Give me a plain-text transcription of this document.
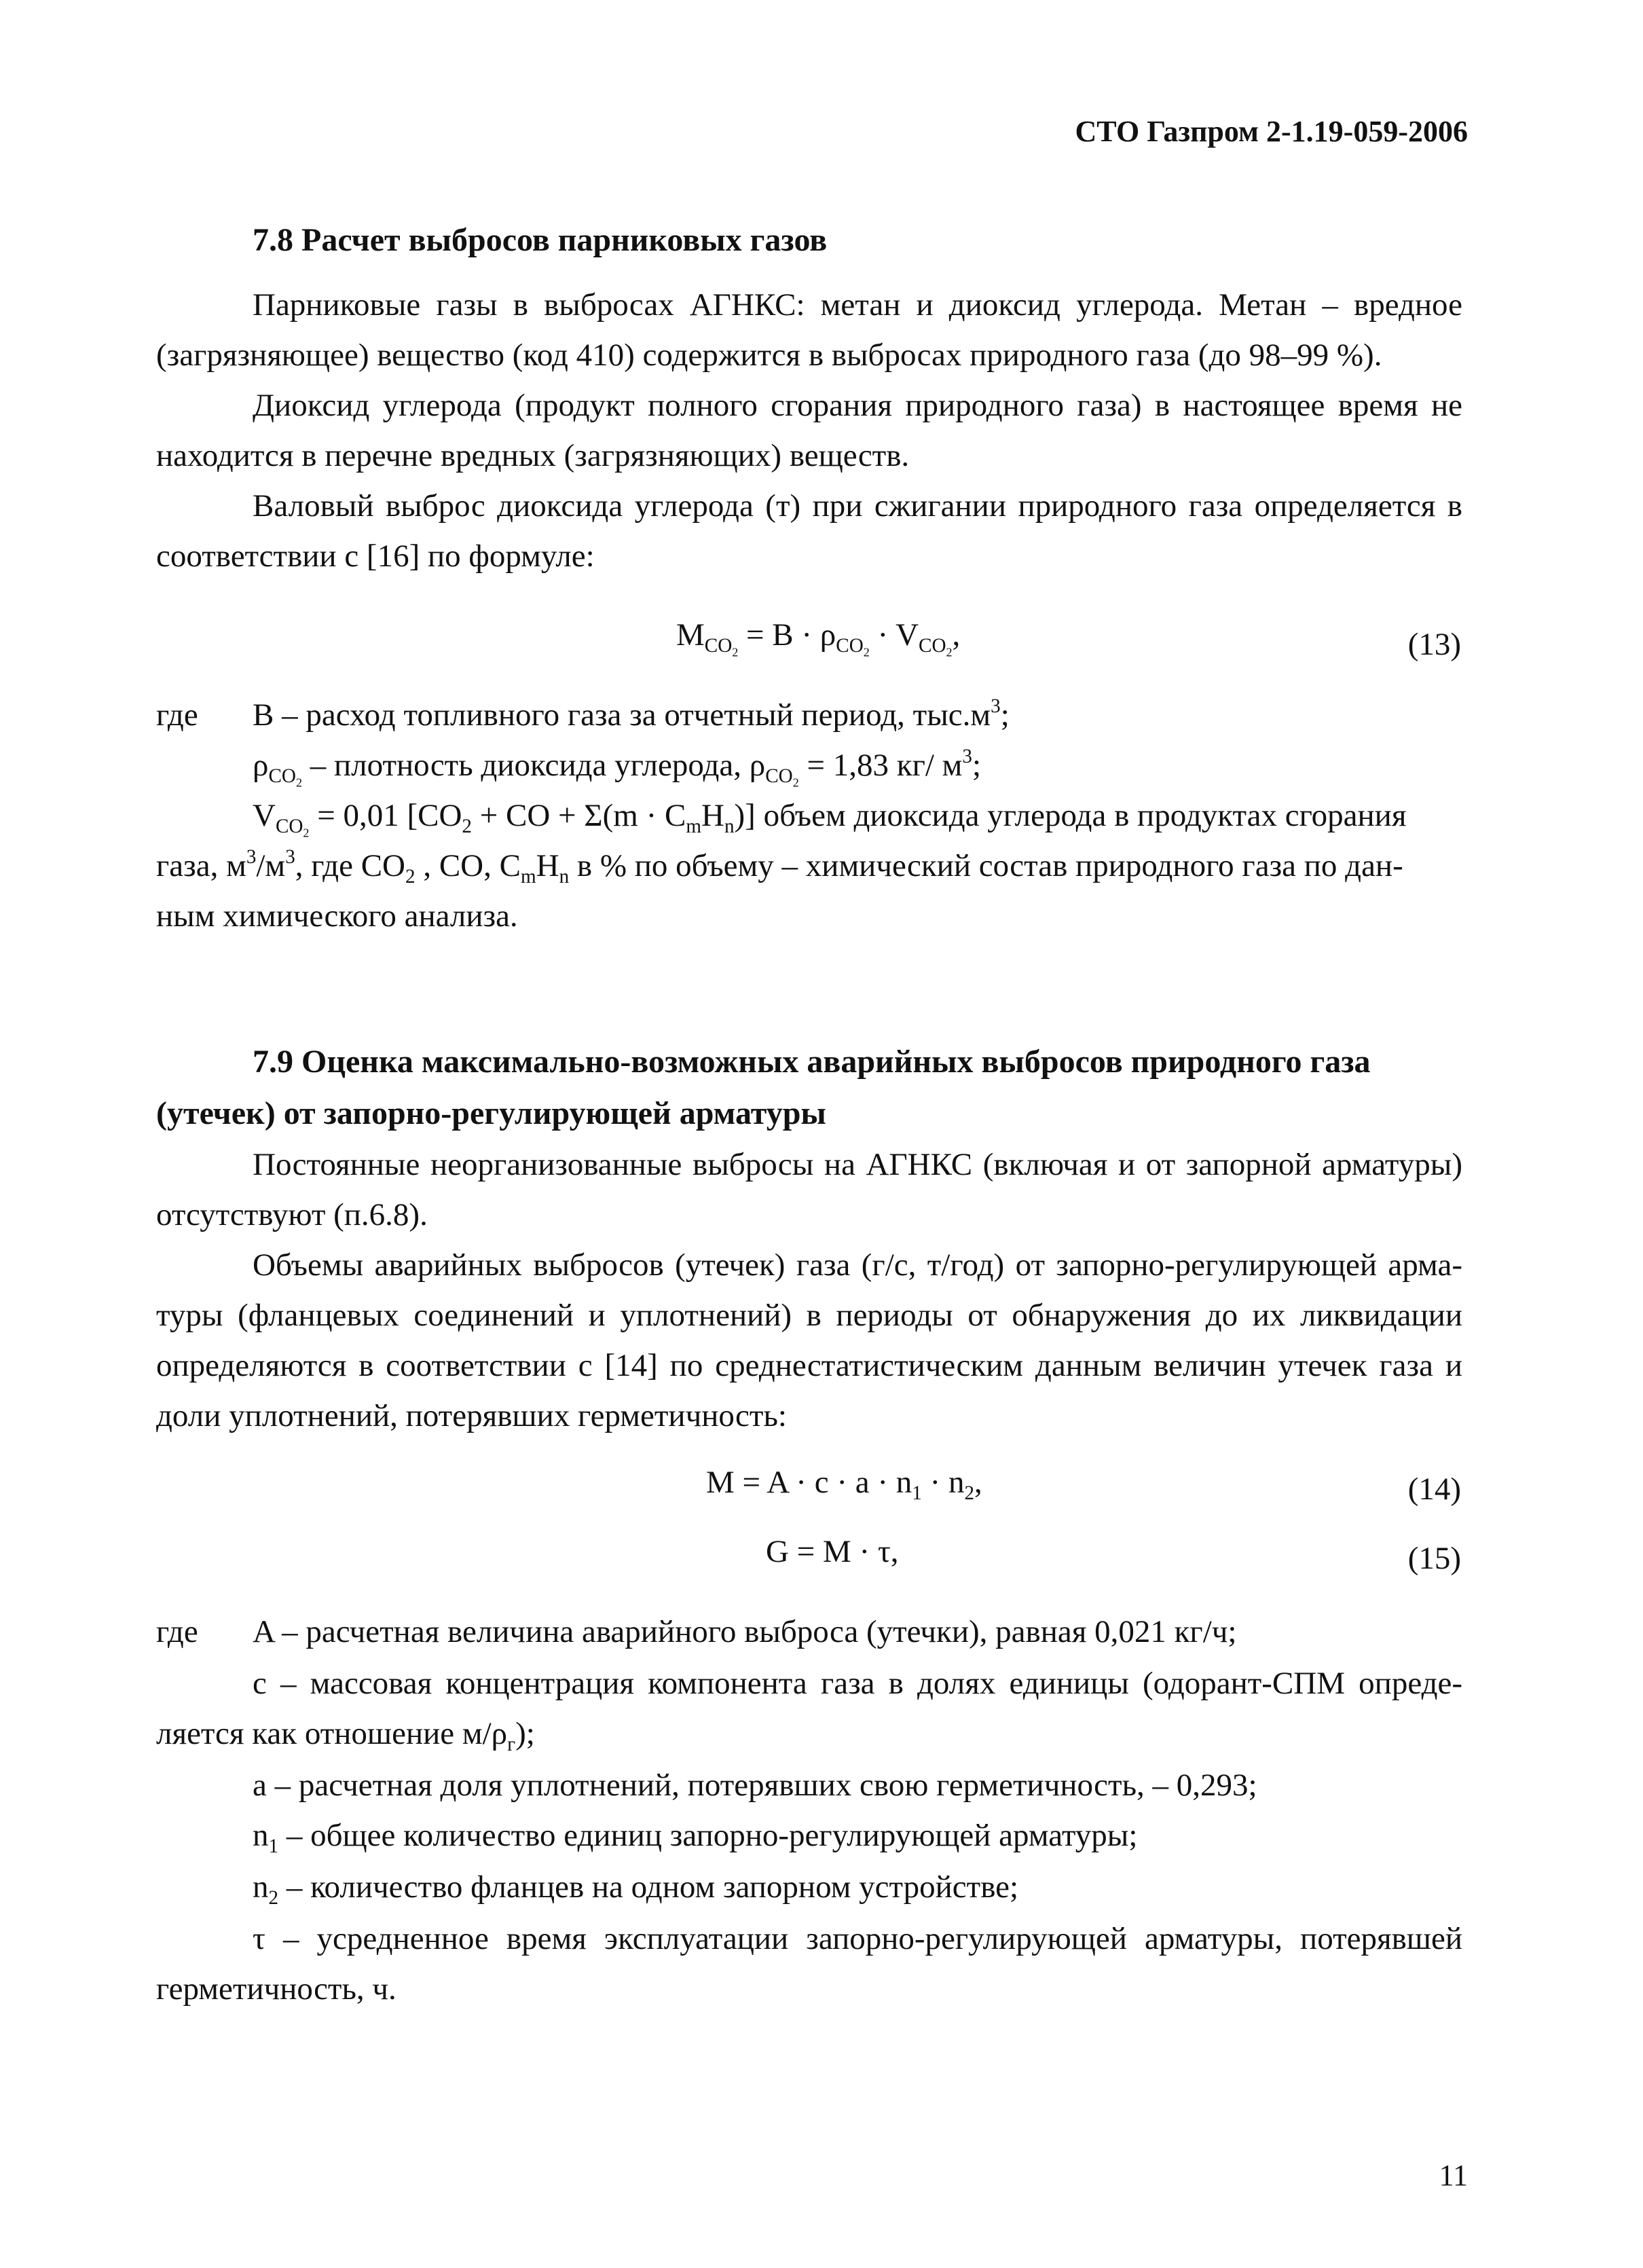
СТО Газпром 2-1.19-059-2006
7.8 Расчет выбросов парниковых газов
Парниковые газы в выбросах АГНКС: метан и диоксид углерода. Метан – вредное
(загрязняющее) вещество (код 410) содержится в выбросах природного газа (до 98–99 %).
Диоксид углерода (продукт полного сгорания природного газа) в настоящее время не
находится в перечне вредных (загрязняющих) веществ.
Валовый выброс диоксида углерода (т) при сжигании природного газа определяется в
соответствии с [16] по формуле:
$M_{CO_2} = B \cdot \rho_{CO_2} \cdot V_{CO_2}$,	(13)
где В – расход топливного газа за отчетный период, $тыс.м^3$;
$\rho_{CO_2}$ – плотность диоксида углерода, $\rho_{CO_2} = 1,83$ кг/ $м^3$;
$V_{CO_2} = 0,01$ [$CO_2$ + CO + $\Sigma(m \cdot C_mH_n)$] объем диоксида углерода в продуктах сгорания
газа, $м^3/м^3$, где $CO_2$ , CO, $C_mH_n$ в % по объему – химический состав природного газа по дан-
ным химического анализа.
7.9 Оценка максимально-возможных аварийных выбросов природного газа
(утечек) от запорно-регулирующей арматуры
Постоянные неорганизованные выбросы на АГНКС (включая и от запорной арматуры)
отсутствуют (п.6.8).
Объемы аварийных выбросов (утечек) газа (г/с, т/год) от запорно-регулирующей арма-
туры (фланцевых соединений и уплотнений) в периоды от обнаружения до их ликвидации
определяются в соответствии с [14] по среднестатистическим данным величин утечек газа и
доли уплотнений, потерявших герметичность:
$M = A \cdot c \cdot a \cdot n_1 \cdot n_2$,	(14)
G = M · τ,	(15)
где A – расчетная величина аварийного выброса (утечки), равная 0,021 кг/ч;
c – массовая концентрация компонента газа в долях единицы (одорант-СПМ опреде-
ляется как отношение $м/\rho_г$);
a – расчетная доля уплотнений, потерявших свою герметичность, – 0,293;
$n_1$ – общее количество единиц запорно-регулирующей арматуры;
$n_2$ – количество фланцев на одном запорном устройстве;
τ – усредненное время эксплуатации запорно-регулирующей арматуры, потерявшей
герметичность, ч.
11
